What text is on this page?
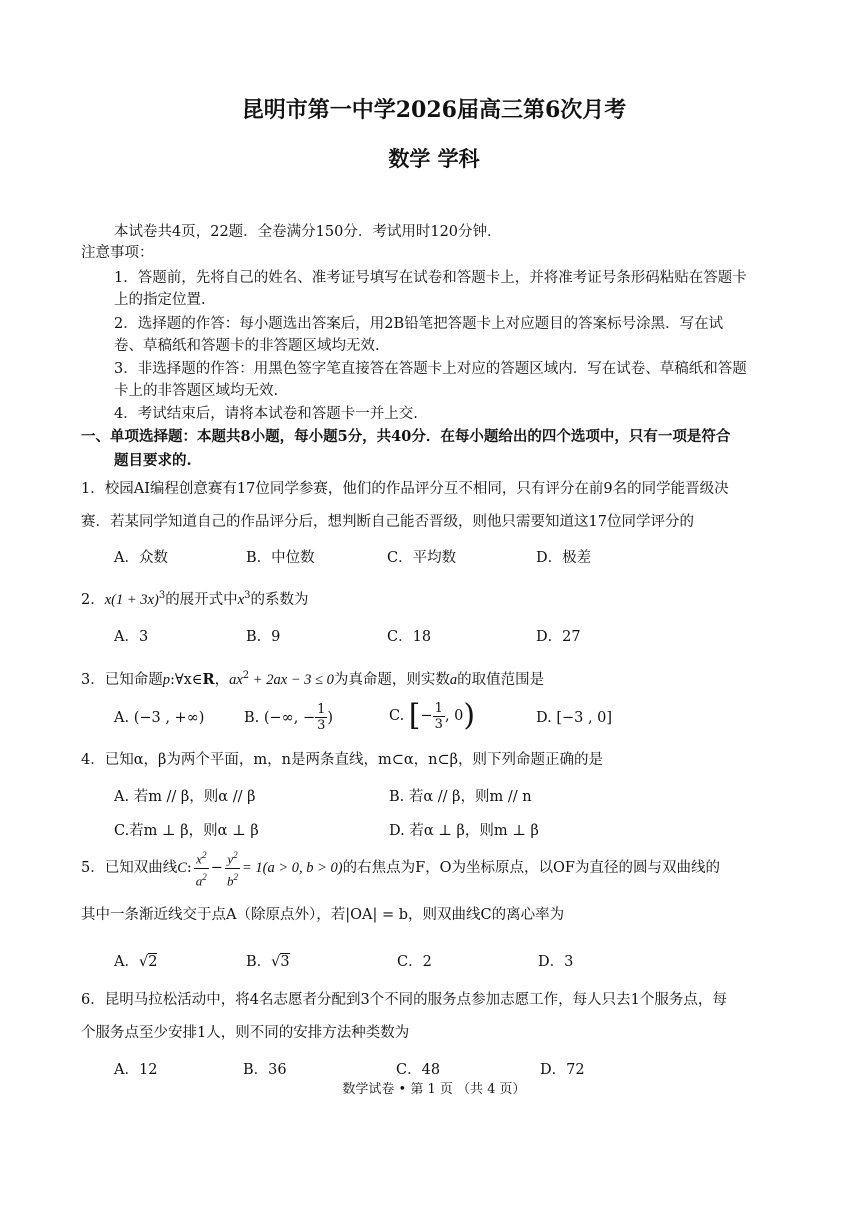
昆明市第一中学2026届高三第6次月考
数学 学科
本试卷共4页，22题．全卷满分150分．考试用时120分钟．
注意事项：
1．答题前，先将自己的姓名、准考证号填写在试卷和答题卡上，并将准考证号条形码粘贴在答题卡
上的指定位置.
2．选择题的作答：每小题选出答案后，用2B铅笔把答题卡上对应题目的答案标号涂黑．写在试
卷、草稿纸和答题卡的非答题区域均无效.
3．非选择题的作答：用黑色签字笔直接答在答题卡上对应的答题区域内．写在试卷、草稿纸和答题
卡上的非答题区域均无效.
4．考试结束后，请将本试卷和答题卡一并上交.
一、单项选择题：本题共8小题，每小题5分，共40分．在每小题给出的四个选项中，只有一项是符合
题目要求的.
1．校园AI编程创意赛有17位同学参赛，他们的作品评分互不相同，只有评分在前9名的同学能晋级决
赛．若某同学知道自己的作品评分后，想判断自己能否晋级，则他只需要知道这17位同学评分的
A．众数	B．中位数	C．平均数	D．极差
2．$x(1 + 3x)^3$的展开式中$x^3$的系数为
A．3	B．9	C．18	D．27
3．已知命题p:∀x∈R，$ax^2 + 2ax - 3 \le 0$为真命题，则实数a的取值范围是
A. (−3 , +∞)	B.
(−∞, − $\frac{1}{3}$ )	C.
[ − $\frac{1}{3}$ , 0 )	D. [−3 , 0]
4．已知α，β为两个平面，m，n是两条直线，m⊂α，n⊂β，则下列命题正确的是
A. 若m // β，则α // β	B. 若α // β，则m // n
C.若m ⊥ β，则α ⊥ β	D. 若α ⊥ β，则m ⊥ β
5．已知双曲线 C :
$x^2$
$a^2$
− $\frac{y^2}{b^2} = 1(a > 0$, b > 0) 的右焦点为F，O为坐标原点，以OF为直径的圆与双曲线的
其中一条渐近线交于点A（除原点外），若|OA| = b，则双曲线C的离心率为
A．√2	B．√3	C．2	D．3
6．昆明马拉松活动中，将4名志愿者分配到3个不同的服务点参加志愿工作，每人只去1个服务点，每
个服务点至少安排1人，则不同的安排方法种类数为
A．12	B．36	C．48	D．72
数学试卷 • 第 1 页 （共 4 页）
